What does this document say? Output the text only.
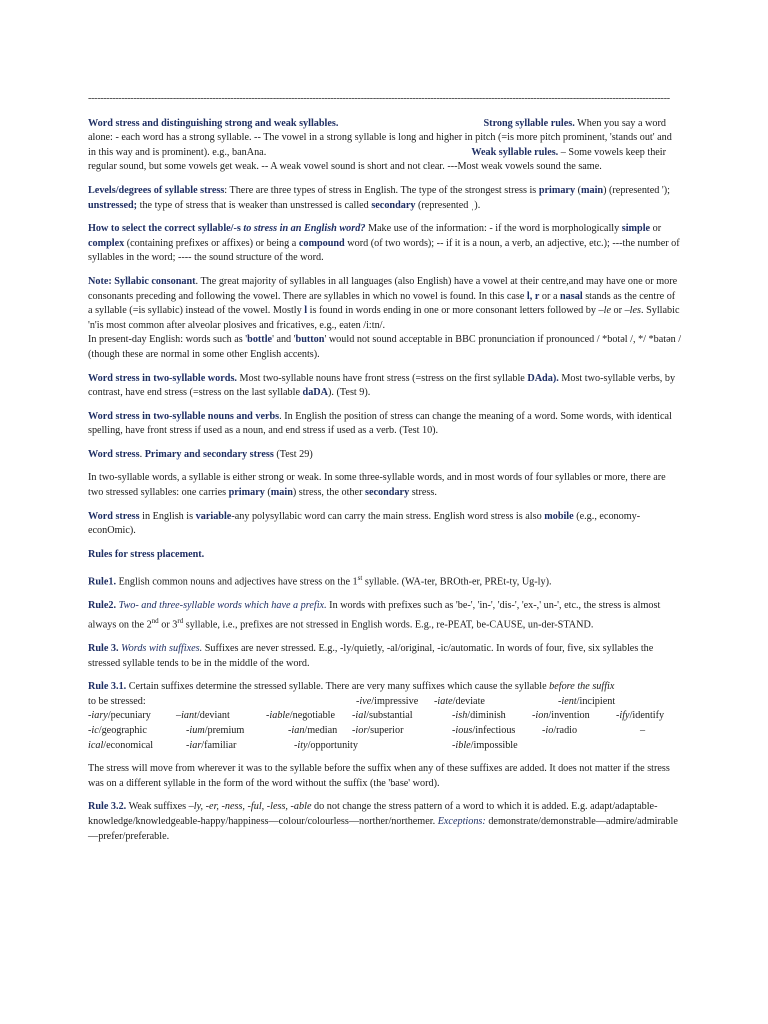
------------------------------------------------------------------------------------------------------------------------------------------------------------------------------------------------

Word stress and distinguishing strong and weak syllables.	Strong syllable rules. When you say a word alone: - each word has a strong syllable. -- The vowel in a strong syllable is long and higher in pitch (=is more pitch prominent, 'stands out' and in this way and is prominent). e.g., banAna.	Weak syllable rules. – Some vowels keep their regular sound, but some vowels get weak. -- A weak vowel sound is short and not clear. ---Most weak vowels sound the same.

Levels/degrees of syllable stress: There are three types of stress in English. The type of the strongest stress is primary (main) (represented '); unstressed; the type of stress that is weaker than unstressed is called secondary (represented ˌ).

How to select the correct syllable/-s to stress in an English word? Make use of the information: - if the word is morphologically simple or complex (containing prefixes or affixes) or being a compound word (of two words); -- if it is a noun, a verb, an adjective, etc.); ---the number of syllables in the word; ---- the sound structure of the word.

Note: Syllabic consonant. The great majority of syllables in all languages (also English) have a vowel at their centre,and may have one or more consonants preceding and following the vowel. There are syllables in which no vowel is found. In this case l, r or a nasal stands as the centre of a syllable (=is syllabic) instead of the vowel. Mostly l is found in words ending in one or more consonant letters followed by –le or –les. Syllabic 'n'is most common after alveolar plosives and fricatives, e.g., eaten /i:tn/.
In present-day English: words such as 'bottle' and 'button' would not sound acceptable in BBC pronunciation if pronounced / *botəl /, */ *batən / (though these are normal in some other English accents).

Word stress in two-syllable words. Most two-syllable nouns have front stress (=stress on the first syllable DAda). Most two-syllable verbs, by contrast, have end stress (=stress on the last syllable daDA). (Test 9).

Word stress in two-syllable nouns and verbs. In English the position of stress can change the meaning of a word. Some words, with identical spelling, have front stress if used as a noun, and end stress if used as a verb. (Test 10).

Word stress. Primary and secondary stress (Test 29)

In two-syllable words, a syllable is either strong or weak. In some three-syllable words, and in most words of four syllables or more, there are two stressed syllables: one carries primary (main) stress, the other secondary stress.

Word stress in English is variable-any polysyllabic word can carry the main stress. English word stress is also mobile (e.g., economy-econOmic).

Rules for stress placement.

Rule1. English common nouns and adjectives have stress on the 1st syllable. (WA-ter, BROth-er, PREt-ty, Ug-ly).

Rule2. Two- and three-syllable words which have a prefix. In words with prefixes such as 'be-', 'in-', 'dis-', 'ex-,' un-', etc., the stress is almost always on the 2nd or 3rd syllable, i.e., prefixes are not stressed in English words. E.g., re-PEAT, be-CAUSE, un-der-STAND.

Rule 3. Words with suffixes. Suffixes are never stressed. E.g., -ly/quietly, -al/original, -ic/automatic. In words of four, five, six syllables the stressed syllable tends to be in the middle of the word.

Rule 3.1. Certain suffixes determine the stressed syllable. There are very many suffixes which cause the syllable before the suffix
to be stressed:		-ive/impressive	-iate/deviate		-ient/incipient
-iary/pecuniary	–iant/deviant	-iable/negotiable	-ial/substantial	-ish/diminish	-ion/invention	-ify/identify
-ic/geographic	-ium/premium	-ian/median	-ior/superior	-ious/infectious	-io/radio	–
ical/economical	-iar/familiar	-ity/opportunity		-ible/impossible		

The stress will move from wherever it was to the syllable before the suffix when any of these suffixes are added. It does not matter if the stress was on a different syllable in the form of the word without the suffix (the 'base' word).

Rule 3.2. Weak suffixes –ly, -er, -ness, -ful, -less, -able do not change the stress pattern of a word to which it is added. E.g. adapt/adaptable-knowledge/knowledgeable-happy/happiness—colour/colourless—norther/northemer. Exceptions: demonstrate/demonstrable—admire/admirable—prefer/preferable.
